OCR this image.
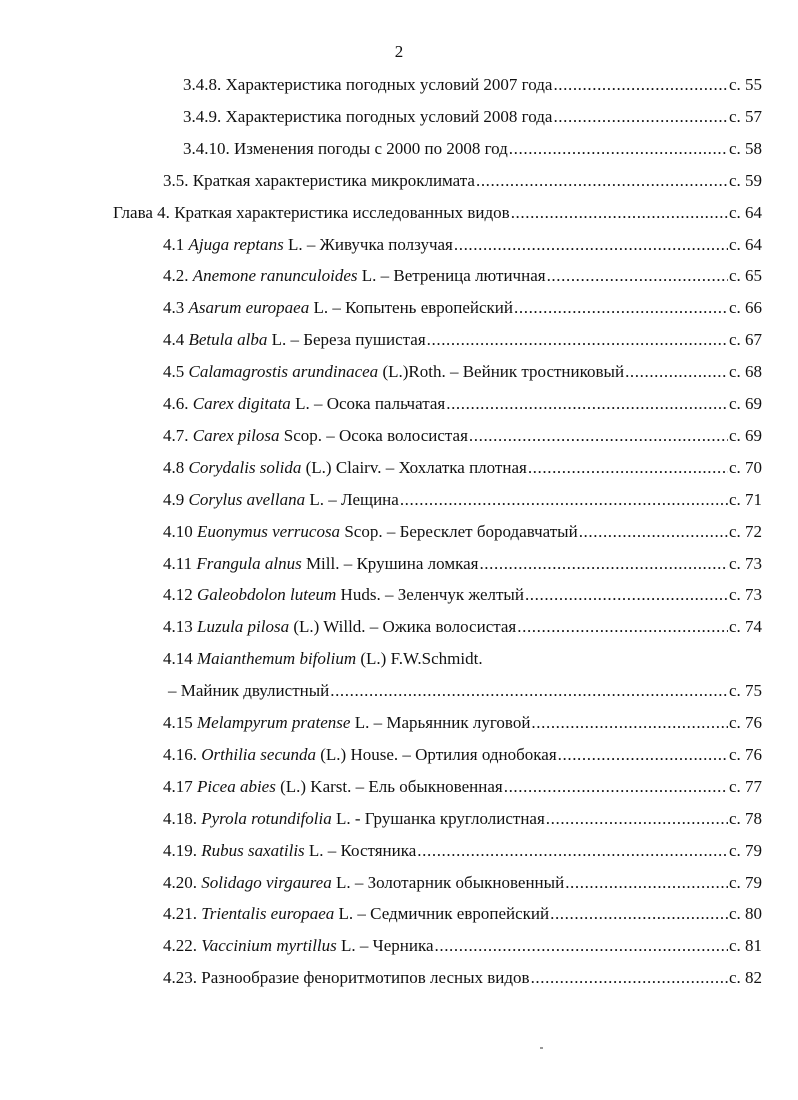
2
3.4.8. Характеристика погодных условий 2007 года .....	с. 55
3.4.9. Характеристика погодных условий 2008 года .....	с. 57
3.4.10. Изменения погоды с 2000 по 2008 год .....	с. 58
3.5. Краткая характеристика микроклимата .....	с. 59
Глава 4. Краткая характеристика исследованных видов .....	с. 64
4.1 Ajuga reptans L. – Живучка ползучая .....	с. 64
4.2. Anemone ranunculoides L. – Ветреница лютичная .....	с. 65
4.3 Asarum europaea L. – Копытень европейский .....	с. 66
4.4 Betula alba L. – Береза пушистая .....	с. 67
4.5 Calamagrostis arundinacea (L.)Roth. – Вейник тростниковый .....	с. 68
4.6. Carex digitata L. – Осока пальчатая .....	с. 69
4.7. Carex pilosa Scop. – Осока волосистая .....	с. 69
4.8 Corydalis solida (L.) Clairv. – Хохлатка плотная .....	с. 70
4.9 Corylus avellana L. – Лещина .....	с. 71
4.10 Euonymus verrucosa Scop. – Бересклет бородавчатый .....	с. 72
4.11 Frangula alnus Mill. – Крушина ломкая .....	с. 73
4.12 Galeobdolon luteum Huds. – Зеленчук желтый .....	с. 73
4.13 Luzula pilosa (L.) Willd. – Ожика волосистая .....	с. 74
4.14 Maianthemum bifolium (L.) F.W.Schmidt.
– Майник двулистный .....	с. 75
4.15 Melampyrum pratense L. – Марьянник луговой .....	с. 76
4.16. Orthilia secunda (L.) House. – Ортилия однобокая .....	с. 76
4.17 Picea abies (L.) Karst. – Ель обыкновенная .....	с. 77
4.18. Pyrola rotundifolia L. - Грушанка круглолистная .....	с. 78
4.19. Rubus saxatilis L. – Костяника .....	с. 79
4.20. Solidago virgaurea L. – Золотарник обыкновенный .....	с. 79
4.21. Trientalis europaea L. – Седмичник европейский .....	с. 80
4.22. Vaccinium myrtillus L. – Черника .....	с. 81
4.23. Разнообразие феноритмотипов лесных видов .....	с. 82
